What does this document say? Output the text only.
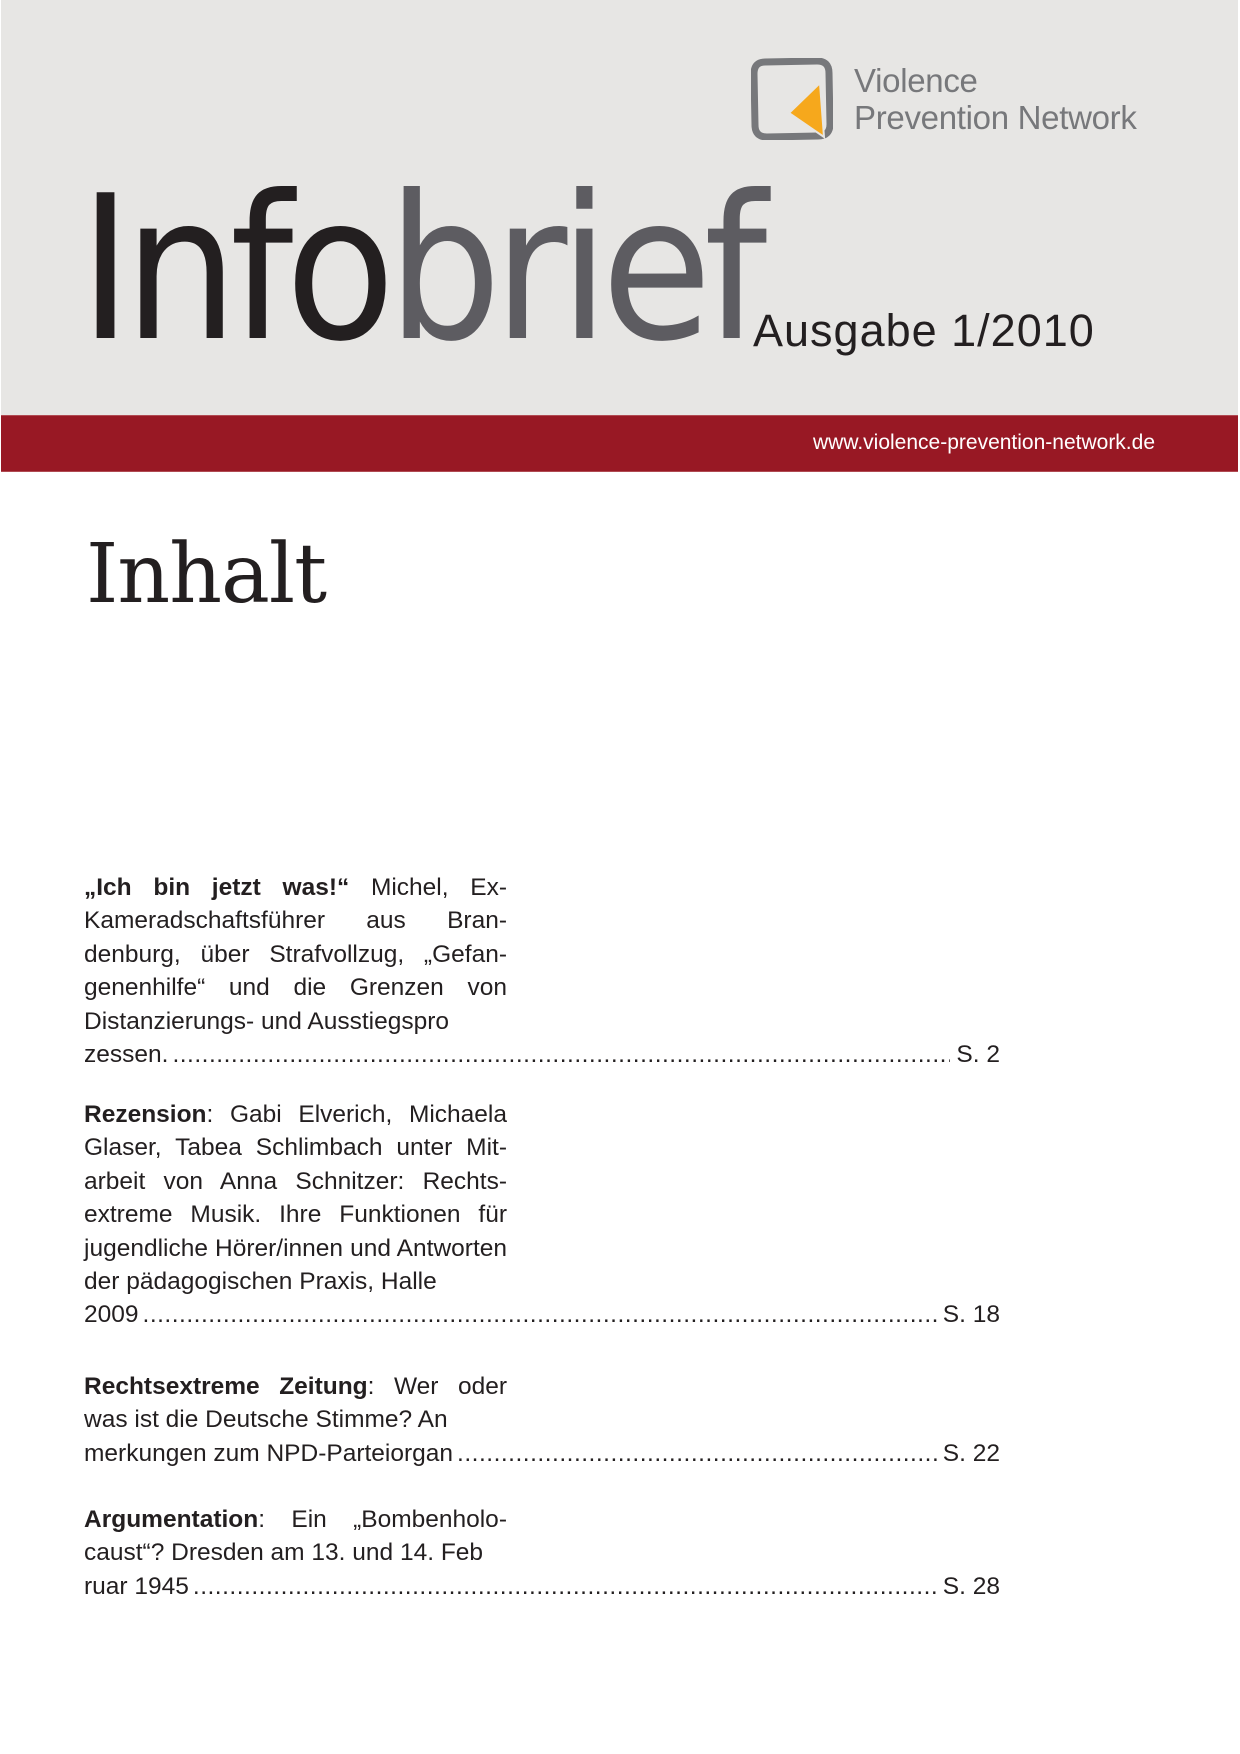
Violence
Prevention Network
Infobrief
Ausgabe 1/2010
www.violence-prevention-network.de
Inhalt
„Ich bin jetzt was!“ Michel, Ex-Kameradschaftsführer aus Brandenburg, über Strafvollzug, „Gefangenenhilfe“ und die Grenzen von Distanzierungs- und Ausstiegspro
zessen. .....	S. 2
Rezension: Gabi Elverich, Michaela Glaser, Tabea Schlimbach unter Mitarbeit von Anna Schnitzer: Rechtsextreme Musik. Ihre Funktionen für jugendliche Hörer/innen und Antworten der pädagogischen Praxis, Halle
2009 .....	S. 18
Rechtsextreme Zeitung: Wer oder was ist die Deutsche Stimme? An
merkungen zum NPD-Parteiorgan .....	S. 22
Argumentation: Ein „Bombenholocaust“? Dresden am 13. und 14. Feb
ruar 1945 .....	S. 28
